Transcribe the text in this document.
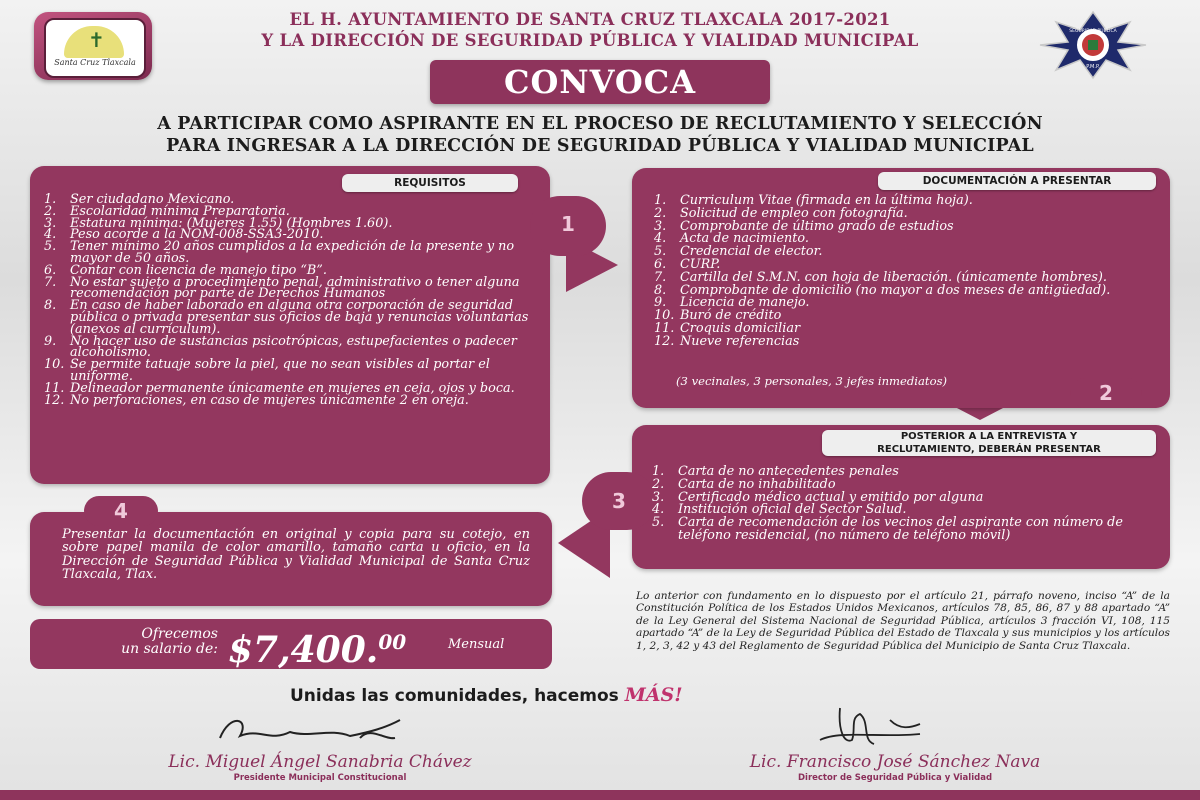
✝
Santa Cruz Tlaxcala
EL H. AYUNTAMIENTO DE SANTA CRUZ TLAXCALA 2017-2021
Y LA DIRECCIÓN DE SEGURIDAD PÚBLICA Y VIALIDAD MUNICIPAL	SEGURIDAD PÚBLICA
P.M.P.
CONVOCA
A PARTICIPAR COMO ASPIRANTE EN EL PROCESO DE RECLUTAMIENTO Y SELECCIÓN
PARA INGRESAR A LA DIRECCIÓN DE SEGURIDAD PÚBLICA Y VIALIDAD MUNICIPAL
1
REQUISITOS
1.	Ser ciudadano Mexicano.
2.	Escolaridad mínima Preparatoria.
3.	Estatura mínima: (Mujeres 1.55) (Hombres 1.60).
4.	Peso acorde a la NOM-008-SSA3-2010.
5.	Tener mínimo 20 años cumplidos a la expedición de la presente y no mayor de 50 años.
6.	Contar con licencia de manejo tipo “B”.
7.	No estar sujeto a procedimiento penal, administrativo o tener alguna recomendación por parte de Derechos Humanos
8.	En caso de haber laborado en alguna otra corporación de seguridad pública o privada presentar sus oficios de baja y renuncias voluntarias (anexos al currículum).
9.	No hacer uso de sustancias psicotrópicas, estupefacientes o padecer alcoholismo.
10. Se permite tatuaje sobre la piel, que no sean visibles al portar el uniforme.
11. Delineador permanente únicamente en mujeres en ceja, ojos y boca.
12. No perforaciones, en caso de mujeres únicamente 2 en oreja.
DOCUMENTACIÓN A PRESENTAR
1.	Curriculum Vitae (firmada en la última hoja).
2.	Solicitud de empleo con fotografía.
3.	Comprobante de último grado de estudios
4.	Acta de nacimiento.
5.	Credencial de elector.
6.	CURP.
7.	Cartilla del S.M.N. con hoja de liberación. (únicamente hombres).
8.	Comprobante de domicilio (no mayor a dos meses de antigüedad).
9.	Licencia de manejo.
10. Buró de crédito
11. Croquis domiciliar
12. Nueve referencias
(3 vecinales, 3 personales, 3 jefes inmediatos)	2
POSTERIOR A LA ENTREVISTA Y
RECLUTAMIENTO, DEBERÁN PRESENTAR
3
1.	Carta de no antecedentes penales
2.	Carta de no inhabilitado
3.	Certificado médico actual y emitido por alguna
4.	Institución oficial del Sector Salud.
5.	Carta de recomendación de los vecinos del aspirante con número de teléfono residencial, (no número de teléfono móvil)
4
Presentar la documentación en original y copia para su cotejo, en sobre papel manila de color amarillo, tamaño carta u oficio, en la Dirección de Seguridad Pública y Vialidad Municipal de Santa Cruz Tlaxcala, Tlax.
Ofrecemos
un salario de: $7,400.00	Mensual
Lo anterior con fundamento en lo dispuesto por el artículo 21, párrafo noveno, inciso “A” de la Constitución Política de los Estados Unidos Mexicanos, artículos 78, 85, 86, 87 y 88 apartado “A” de la Ley General del Sistema Nacional de Seguridad Pública, artículos 3 fracción VI, 108, 115 apartado “A” de la Ley de Seguridad Pública del Estado de Tlaxcala y sus municipios y los artículos 1, 2, 3, 42 y 43 del Reglamento de Seguridad Pública del Municipio de Santa Cruz Tlaxcala.
Unidas las comunidades, hacemos MÁS!
Lic. Miguel Ángel Sanabria Chávez
Presidente Municipal Constitucional
Lic. Francisco José Sánchez Nava
Director de Seguridad Pública y Vialidad
